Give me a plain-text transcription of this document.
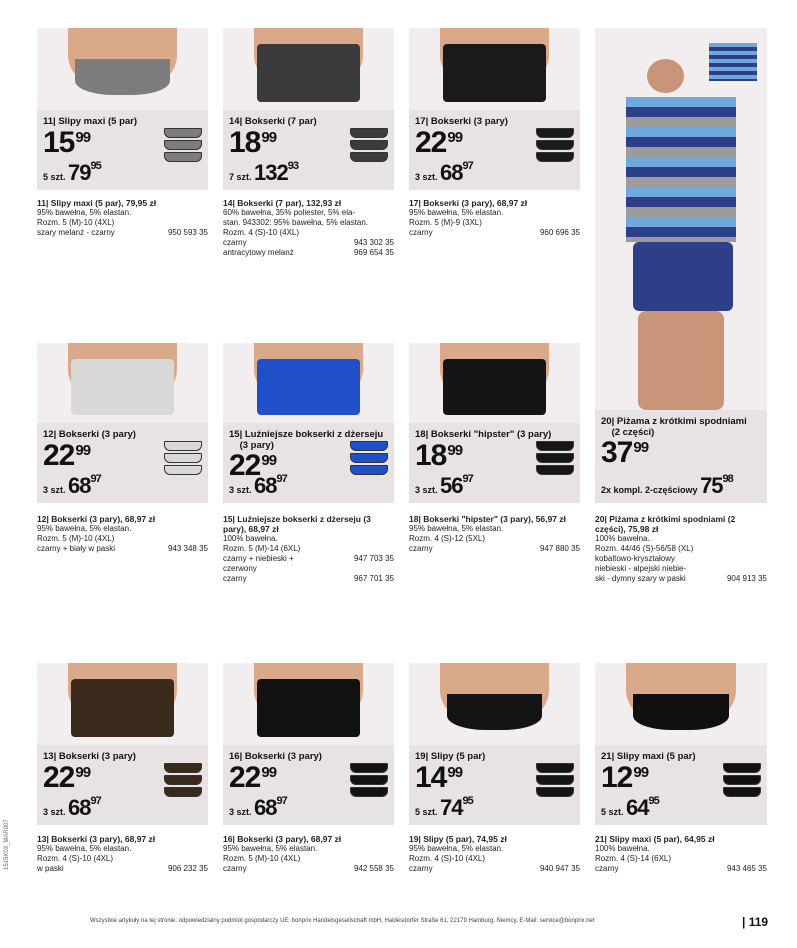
11| Slipy maxi (5 par)
$15^{99}$
5 szt. $79^{95}$
11| Slipy maxi (5 par), 79,95 zł
95% bawełna, 5% elastan.
Rozm. 5 (M)-10 (4XL)
szary melanż - czarny	950 593 35
14| Bokserki (7 par)
$18^{99}$
7 szt. $132^{93}$
14| Bokserki (7 par), 132,93 zł
60% bawełna, 35% poliester, 5% ela-
stan. 943302: 95% bawełna, 5% elastan.
Rozm. 4 (S)-10 (4XL)
czarny	943 302 35
antracytowy melanż	969 654 35
17| Bokserki (3 pary)
$22^{99}$
3 szt. $68^{97}$
17| Bokserki (3 pary), 68,97 zł
95% bawełna, 5% elastan.
Rozm. 5 (M)-9 (3XL)
czarny	960 696 35
20| Piżama z krótkimi spodniami
(2 części)
$37^{99}$
2x kompl. 2-częściowy $75^{98}$
20| Piżama z krótkimi spodniami (2 części), 75,98 zł
100% bawełna.
Rozm. 44/46 (S)-56/58 (XL)
kobaltowo-kryształowy
niebieski - alpejski niebie-
ski - dymny szary w paski	904 913 35
12| Bokserki (3 pary)
$22^{99}$
3 szt. $68^{97}$
12| Bokserki (3 pary), 68,97 zł
95% bawełna, 5% elastan.
Rozm. 5 (M)-10 (4XL)
czarny + biały w paski	943 348 35
15| Luźniejsze bokserki z dżerseju
(3 pary)
$22^{99}$
3 szt. $68^{97}$
15| Luźniejsze bokserki z dżerseju (3 pary), 68,97 zł
100% bawełna.
Rozm. 5 (M)-14 (6XL)
czarny + niebieski +	947 703 35
czerwony
czarny	967 701 35
18| Bokserki "hipster" (3 pary)
$18^{99}$
3 szt. $56^{97}$
18| Bokserki "hipster" (3 pary), 56,97 zł
95% bawełna, 5% elastan.
Rozm. 4 (S)-12 (5XL)
czarny	947 880 35
13| Bokserki (3 pary)
$22^{99}$
3 szt. $68^{97}$
13| Bokserki (3 pary), 68,97 zł
95% bawełna, 5% elastan.
Rozm. 4 (S)-10 (4XL)
w paski	906 232 35
16| Bokserki (3 pary)
$22^{99}$
3 szt. $68^{97}$
16| Bokserki (3 pary), 68,97 zł
95% bawełna, 5% elastan.
Rozm. 5 (M)-10 (4XL)
czarny	942 558 35
19| Slipy (5 par)
$14^{99}$
5 szt. $74^{95}$
19| Slipy (5 par), 74,95 zł
95% bawełna, 5% elastan.
Rozm. 4 (S)-10 (4XL)
czarny	940 947 35
21| Slipy maxi (5 par)
$12^{99}$
5 szt. $64^{95}$
21| Slipy maxi (5 par), 64,95 zł
100% bawełna.
Rozm. 4 (S)-14 (6XL)
czarny	943 465 35
Wszystkie artykuły na tej stronie: odpowiedzialny podmiot gospodarczy UE: bonprix Handelsgesellschaft mbH, Haldesdorfer Straße 61, 22179 Hamburg, Niemcy, E-Mail: service@bonprix.net	| 119
1515K03_MAR007
